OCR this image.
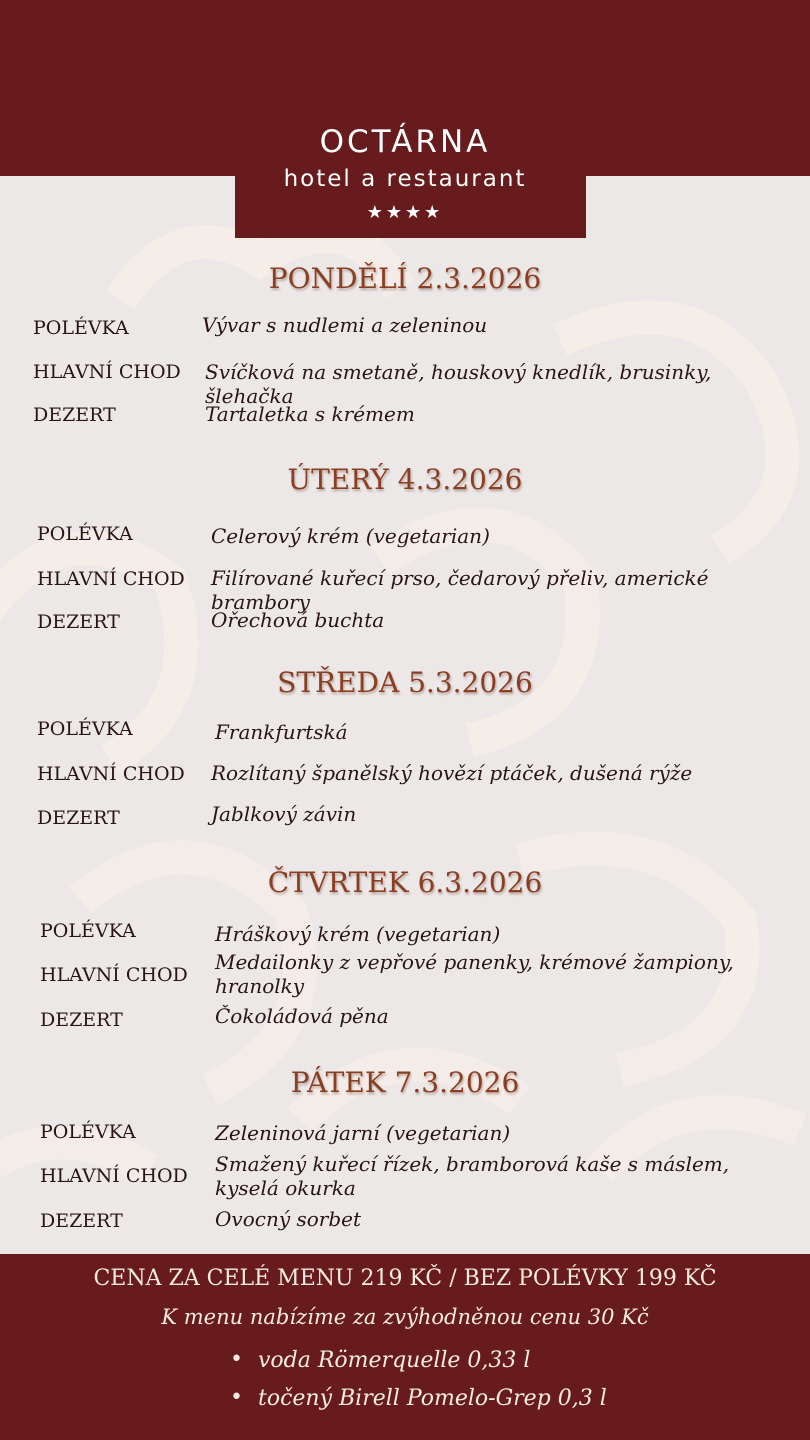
OCTÁRNA
hotel a restaurant
★★★★
PONDĚLÍ 2.3.2026
POLÉVKA	Vývar s nudlemi a zeleninou
HLAVNÍ CHOD Svíčková na smetaně, houskový knedlík, brusinky, šlehačka
DEZERT	Tartaletka s krémem
ÚTERÝ 4.3.2026
POLÉVKA	Celerový krém (vegetarian)
HLAVNÍ CHOD Filírované kuřecí prso, čedarový přeliv, americké brambory
DEZERT	Ořechová buchta
STŘEDA 5.3.2026
POLÉVKA	Frankfurtská
HLAVNÍ CHOD Rozlítaný španělský hovězí ptáček, dušená rýže
DEZERT	Jablkový závin
ČTVRTEK 6.3.2026
POLÉVKA	Hráškový krém (vegetarian)
HLAVNÍ CHOD
Medailonky z vepřové panenky, krémové žampiony, hranolky
DEZERT	Čokoládová pěna
PÁTEK 7.3.2026
POLÉVKA	Zeleninová jarní (vegetarian)
HLAVNÍ CHOD Smažený kuřecí řízek, bramborová kaše s máslem, kyselá okurka
DEZERT	Ovocný sorbet
CENA ZA CELÉ MENU 219 KČ / BEZ POLÉVKY 199 KČ
K menu nabízíme za zvýhodněnou cenu 30 Kč
• voda Römerquelle 0,33 l
• točený Birell Pomelo-Grep 0,3 l
